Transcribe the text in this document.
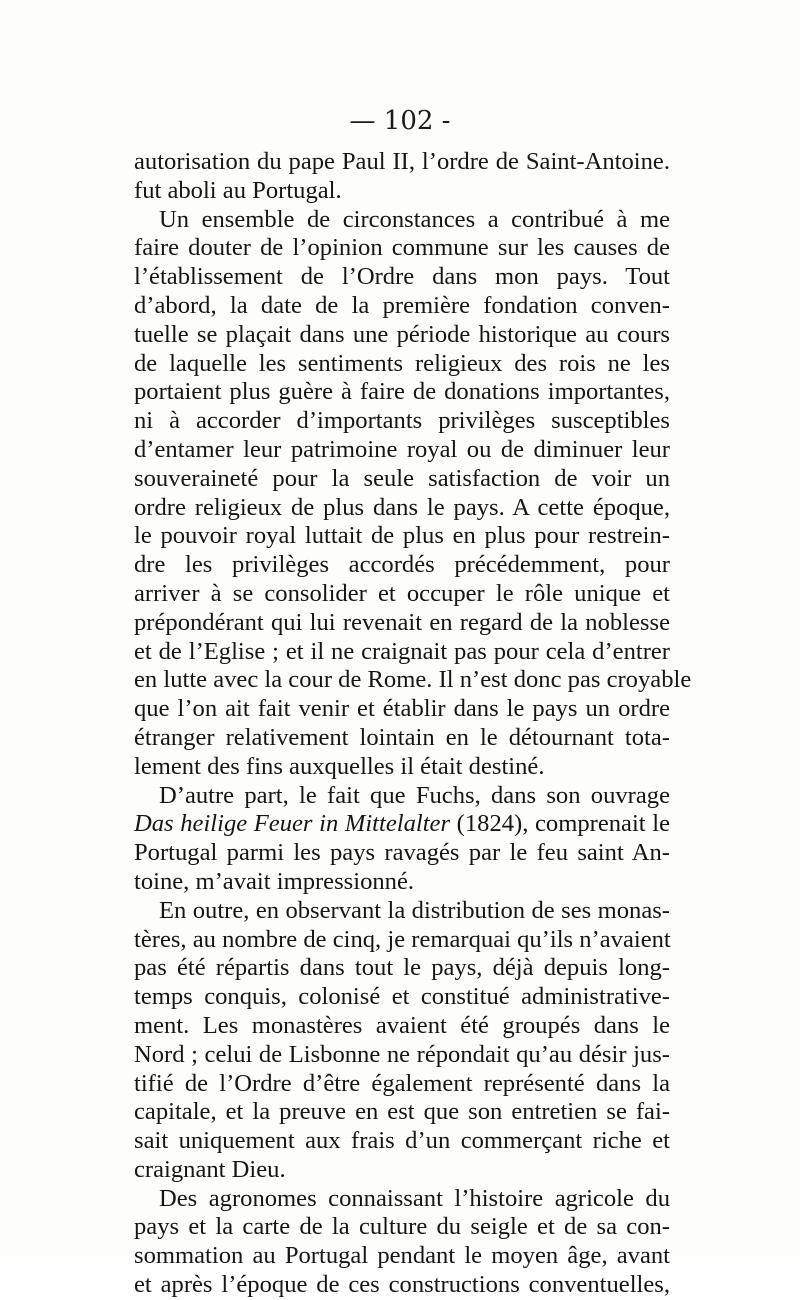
— 102 -
autorisation du pape Paul II, l’ordre de Saint-Antoine.
fut aboli au Portugal.
Un ensemble de circonstances a contribué à me
faire douter de l’opinion commune sur les causes de
l’établissement de l’Ordre dans mon pays. Tout
d’abord, la date de la première fondation conven-
tuelle se plaçait dans une période historique au cours
de laquelle les sentiments religieux des rois ne les
portaient plus guère à faire de donations importantes,
ni à accorder d’importants privilèges susceptibles
d’entamer leur patrimoine royal ou de diminuer leur
souveraineté pour la seule satisfaction de voir un
ordre religieux de plus dans le pays. A cette époque,
le pouvoir royal luttait de plus en plus pour restrein-
dre les privilèges accordés précédemment, pour
arriver à se consolider et occuper le rôle unique et
prépondérant qui lui revenait en regard de la noblesse
et de l’Eglise ; et il ne craignait pas pour cela d’entrer
en lutte avec la cour de Rome. Il n’est donc pas croyable
que l’on ait fait venir et établir dans le pays un ordre
étranger relativement lointain en le détournant tota-
lement des fins auxquelles il était destiné.
D’autre part, le fait que Fuchs, dans son ouvrage
Das heilige Feuer in Mittelalter (1824), comprenait le
Portugal parmi les pays ravagés par le feu saint An-
toine, m’avait impressionné.
En outre, en observant la distribution de ses monas-
tères, au nombre de cinq, je remarquai qu’ils n’avaient
pas été répartis dans tout le pays, déjà depuis long-
temps conquis, colonisé et constitué administrative-
ment. Les monastères avaient été groupés dans le
Nord ; celui de Lisbonne ne répondait qu’au désir jus-
tifié de l’Ordre d’être également représenté dans la
capitale, et la preuve en est que son entretien se fai-
sait uniquement aux frais d’un commerçant riche et
craignant Dieu.
Des agronomes connaissant l’histoire agricole du
pays et la carte de la culture du seigle et de sa con-
sommation au Portugal pendant le moyen âge, avant
et après l’époque de ces constructions conventuelles,
